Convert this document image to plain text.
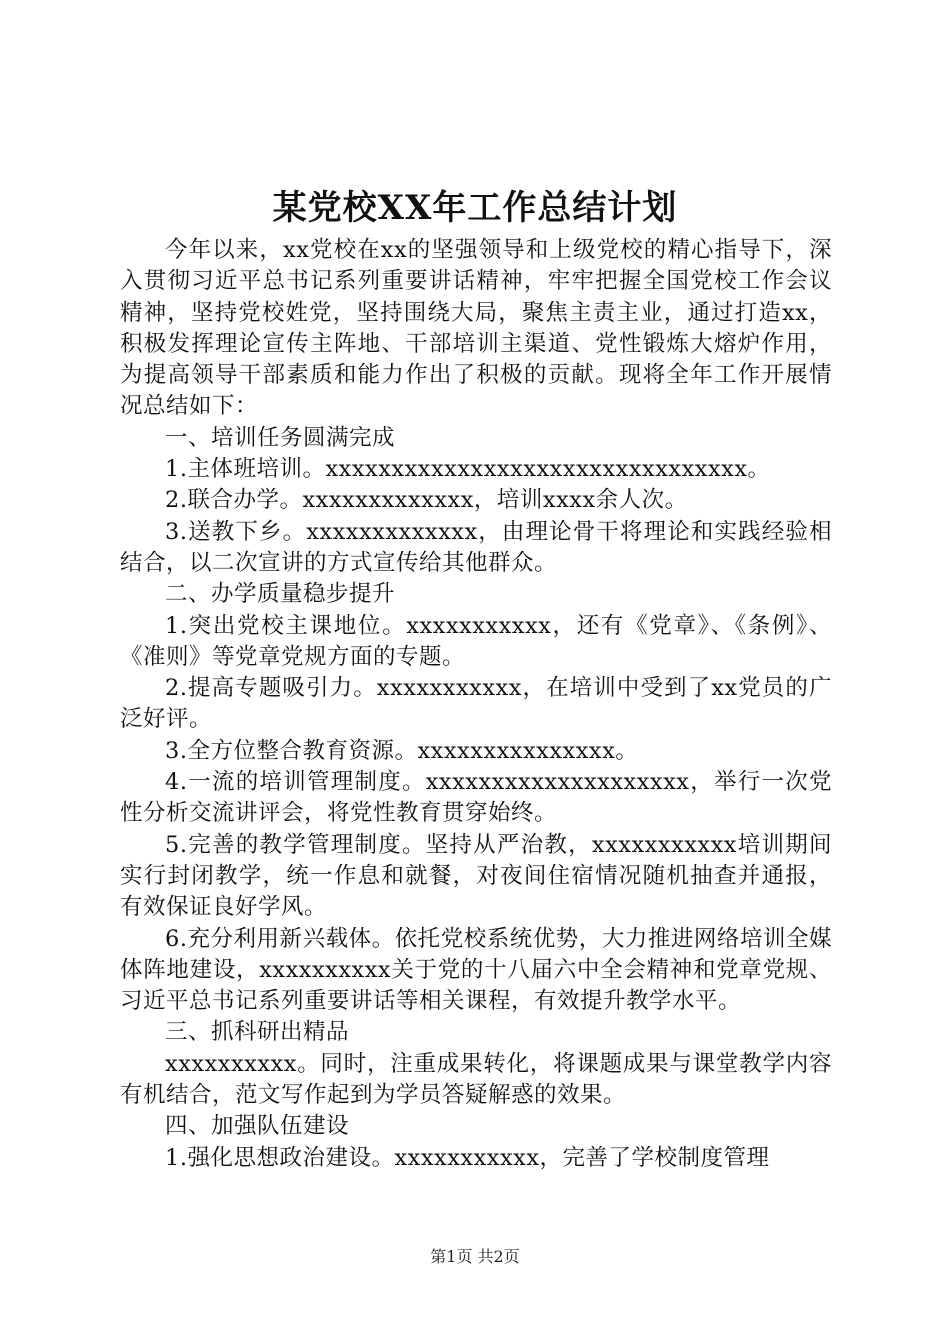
某党校XX年工作总结计划

今年以来，xx党校在xx的坚强领导和上级党校的精心指导下，深入贯彻习近平总书记系列重要讲话精神，牢牢把握全国党校工作会议精神，坚持党校姓党，坚持围绕大局，聚焦主责主业，通过打造xx，积极发挥理论宣传主阵地、干部培训主渠道、党性锻炼大熔炉作用，为提高领导干部素质和能力作出了积极的贡献。现将全年工作开展情况总结如下：

一、培训任务圆满完成

1.主体班培训。xxxxxxxxxxxxxxxxxxxxxxxxxxxxxxxx。

2.联合办学。xxxxxxxxxxxxx，培训xxxx余人次。

3.送教下乡。xxxxxxxxxxxxx，由理论骨干将理论和实践经验相结合，以二次宣讲的方式宣传给其他群众。

二、办学质量稳步提升

1.突出党校主课地位。xxxxxxxxxxx，还有《党章》、《条例》、《准则》等党章党规方面的专题。

2.提高专题吸引力。xxxxxxxxxxx，在培训中受到了xx党员的广泛好评。

3.全方位整合教育资源。xxxxxxxxxxxxxxx。

4.一流的培训管理制度。xxxxxxxxxxxxxxxxxxxx，举行一次党性分析交流讲评会，将党性教育贯穿始终。

5.完善的教学管理制度。坚持从严治教，xxxxxxxxxxx培训期间实行封闭教学，统一作息和就餐，对夜间住宿情况随机抽查并通报，有效保证良好学风。

6.充分利用新兴载体。依托党校系统优势，大力推进网络培训全媒体阵地建设，xxxxxxxxxx关于党的十八届六中全会精神和党章党规、习近平总书记系列重要讲话等相关课程，有效提升教学水平。

三、抓科研出精品

xxxxxxxxxx。同时，注重成果转化，将课题成果与课堂教学内容有机结合，范文写作起到为学员答疑解惑的效果。

四、加强队伍建设

1.强化思想政治建设。xxxxxxxxxxx，完善了学校制度管理

第1页 共2页
